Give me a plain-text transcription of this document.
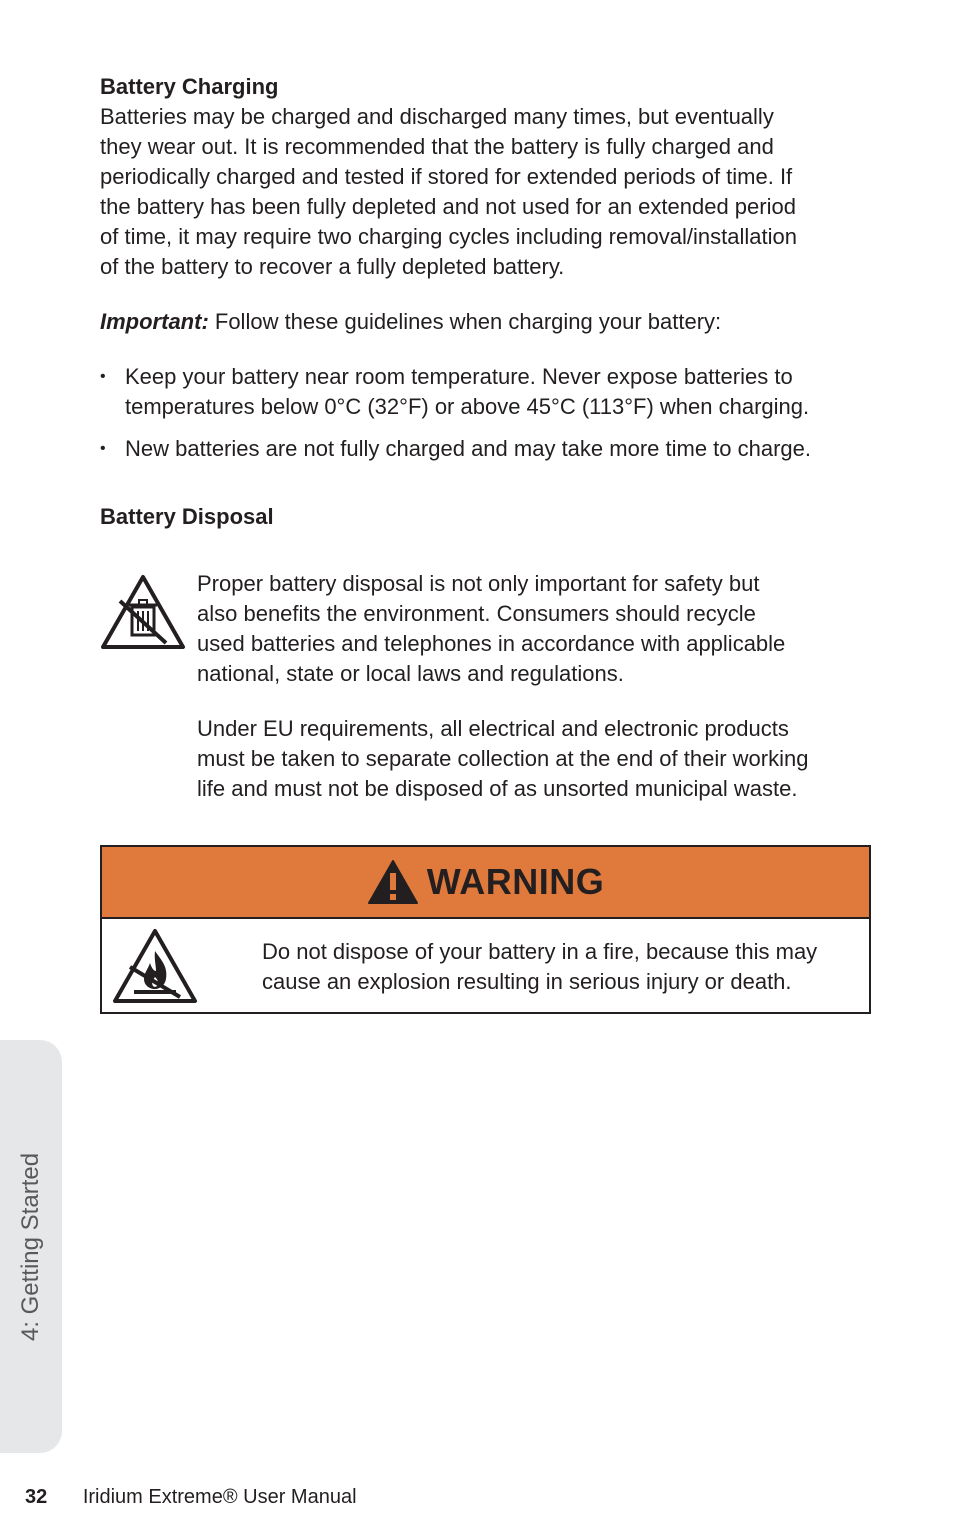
Battery Charging
Batteries may be charged and discharged many times, but eventually
they wear out. It is recommended that the battery is fully charged and
periodically charged and tested if stored for extended periods of time. If
the battery has been fully depleted and not used for an extended period
of time, it may require two charging cycles including removal/installation
of the battery to recover a fully depleted battery.

Important: Follow these guidelines when charging your battery:

• Keep your battery near room temperature. Never expose batteries to
temperatures below 0°C (32°F) or above 45°C (113°F) when charging.
• New batteries are not fully charged and may take more time to charge.
Battery Disposal
Proper battery disposal is not only important for safety but
also benefits the environment. Consumers should recycle
used batteries and telephones in accordance with applicable
national, state or local laws and regulations.
Under EU requirements, all electrical and electronic products
must be taken to separate collection at the end of their working
life and must not be disposed of as unsorted municipal waste.
WARNING
Do not dispose of your battery in a fire, because this may
cause an explosion resulting in serious injury or death.
4: Getting Started
32 Iridium Extreme® User Manual
